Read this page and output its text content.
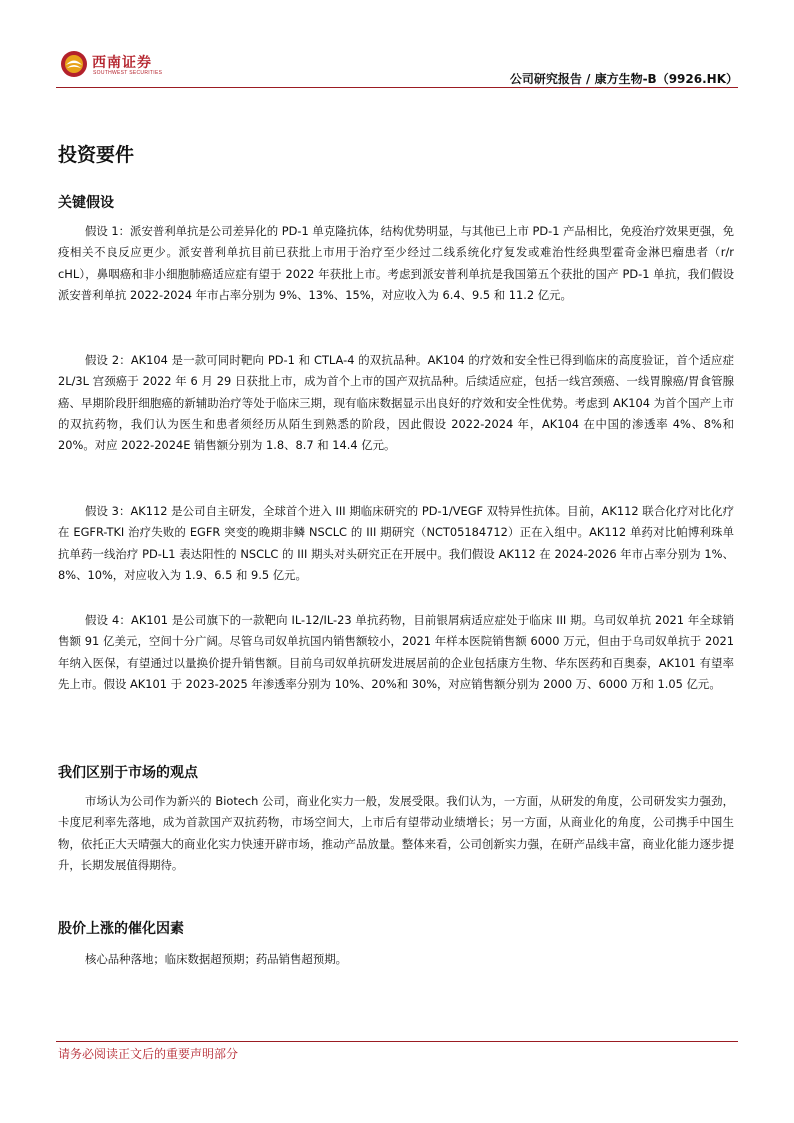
西南证券
SOUTHWEST SECURITIES	公司研究报告 / 康方生物-B（9926.HK）
投资要件
关键假设

假设 1：派安普利单抗是公司差异化的 PD-1 单克隆抗体，结构优势明显，与其他已上市 PD-1 产品相比，免疫治疗效果更强，免疫相关不良反应更少。派安普利单抗目前已获批上市用于治疗至少经过二线系统化疗复发或难治性经典型霍奇金淋巴瘤患者（r/r cHL），鼻咽癌和非小细胞肺癌适应症有望于 2022 年获批上市。考虑到派安普利单抗是我国第五个获批的国产 PD-1 单抗，我们假设派安普利单抗 2022-2024 年市占率分别为 9%、13%、15%，对应收入为 6.4、9.5 和 11.2 亿元。

假设 2：AK104 是一款可同时靶向 PD-1 和 CTLA-4 的双抗品种。AK104 的疗效和安全性已得到临床的高度验证，首个适应症 2L/3L 宫颈癌于 2022 年 6 月 29 日获批上市，成为首个上市的国产双抗品种。后续适应症，包括一线宫颈癌、一线胃腺癌/胃食管腺癌、早期阶段肝细胞癌的新辅助治疗等处于临床三期，现有临床数据显示出良好的疗效和安全性优势。考虑到 AK104 为首个国产上市的双抗药物，我们认为医生和患者须经历从陌生到熟悉的阶段，因此假设 2022-2024 年，AK104 在中国的渗透率 4%、8%和 20%。对应 2022-2024E 销售额分别为 1.8、8.7 和 14.4 亿元。

假设 3：AK112 是公司自主研发，全球首个进入 III 期临床研究的 PD-1/VEGF 双特异性抗体。目前，AK112 联合化疗对比化疗在 EGFR-TKI 治疗失败的 EGFR 突变的晚期非鳞 NSCLC 的 III 期研究（NCT05184712）正在入组中。AK112 单药对比帕博利珠单抗单药一线治疗 PD-L1 表达阳性的 NSCLC 的 III 期头对头研究正在开展中。我们假设 AK112 在 2024-2026 年市占率分别为 1%、8%、10%，对应收入为 1.9、6.5 和 9.5 亿元。

假设 4：AK101 是公司旗下的一款靶向 IL-12/IL-23 单抗药物，目前银屑病适应症处于临床 III 期。乌司奴单抗 2021 年全球销售额 91 亿美元，空间十分广阔。尽管乌司奴单抗国内销售额较小，2021 年样本医院销售额 6000 万元，但由于乌司奴单抗于 2021 年纳入医保，有望通过以量换价提升销售额。目前乌司奴单抗研发进展居前的企业包括康方生物、华东医药和百奥泰，AK101 有望率先上市。假设 AK101 于 2023-2025 年渗透率分别为 10%、20%和 30%，对应销售额分别为 2000 万、6000 万和 1.05 亿元。

我们区别于市场的观点

市场认为公司作为新兴的 Biotech 公司，商业化实力一般，发展受限。我们认为，一方面，从研发的角度，公司研发实力强劲，卡度尼利率先落地，成为首款国产双抗药物，市场空间大，上市后有望带动业绩增长；另一方面，从商业化的角度，公司携手中国生物，依托正大天晴强大的商业化实力快速开辟市场，推动产品放量。整体来看，公司创新实力强，在研产品线丰富，商业化能力逐步提升，长期发展值得期待。

股价上涨的催化因素

核心品种落地；临床数据超预期；药品销售超预期。

请务必阅读正文后的重要声明部分
